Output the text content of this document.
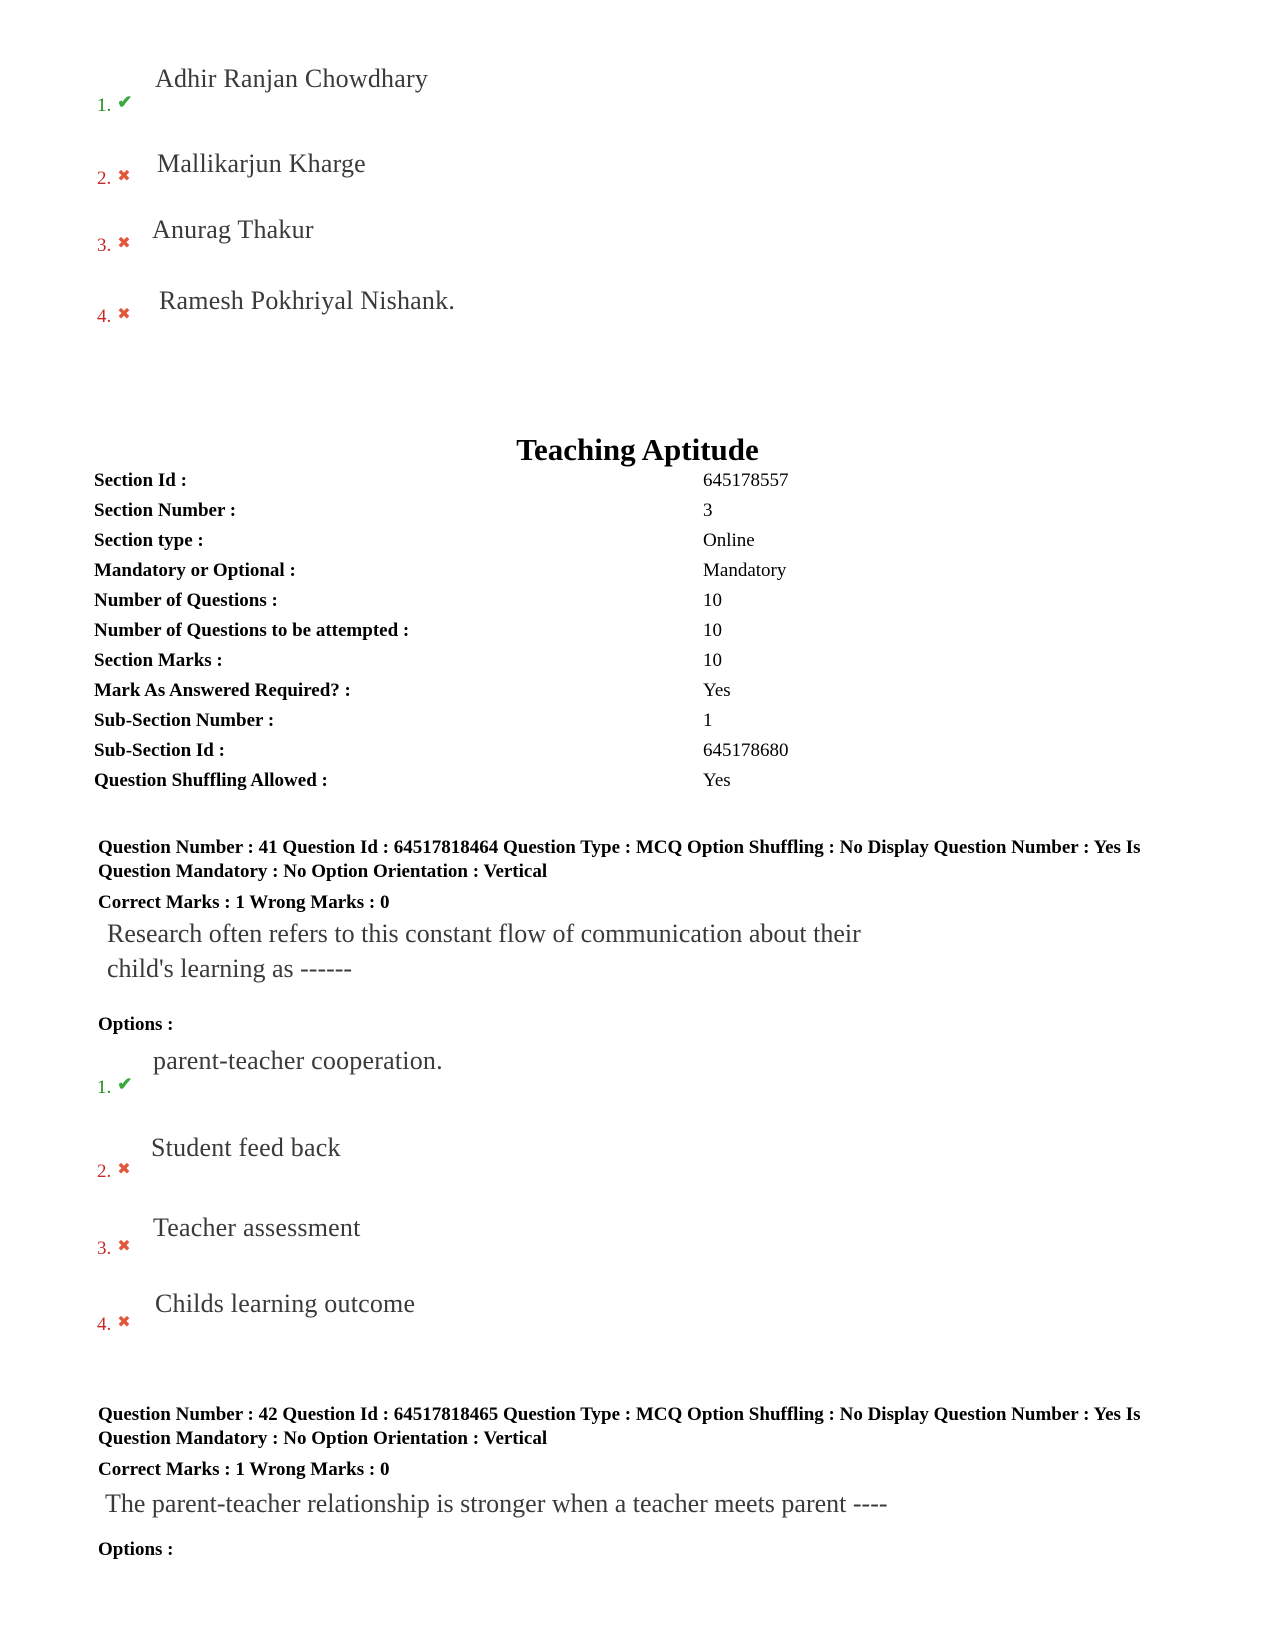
1. ✔
Adhir Ranjan Chowdhary
2. ✖ Mallikarjun Kharge
3. ✖ Anurag Thakur
4. ✖ Ramesh Pokhriyal Nishank.
Teaching Aptitude
Section Id :	645178557
Section Number :	3
Section type :	Online
Mandatory or Optional :	Mandatory
Number of Questions :	10
Number of Questions to be attempted :	10
Section Marks :	10
Mark As Answered Required? :	Yes
Sub-Section Number :	1
Sub-Section Id :	645178680
Question Shuffling Allowed :	Yes
Question Number : 41 Question Id : 64517818464 Question Type : MCQ Option Shuffling : No Display Question Number : Yes Is Question Mandatory : No Option Orientation : Vertical
Correct Marks : 1 Wrong Marks : 0
Research often refers to this constant flow of communication about their
child's learning as ------
Options :
1. ✔
parent-teacher cooperation.
2. ✖
Student feed back
3. ✖
Teacher assessment
4. ✖
Childs learning outcome
Question Number : 42 Question Id : 64517818465 Question Type : MCQ Option Shuffling : No Display Question Number : Yes Is Question Mandatory : No Option Orientation : Vertical
Correct Marks : 1 Wrong Marks : 0
The parent-teacher relationship is stronger when a teacher meets parent ----
Options :
